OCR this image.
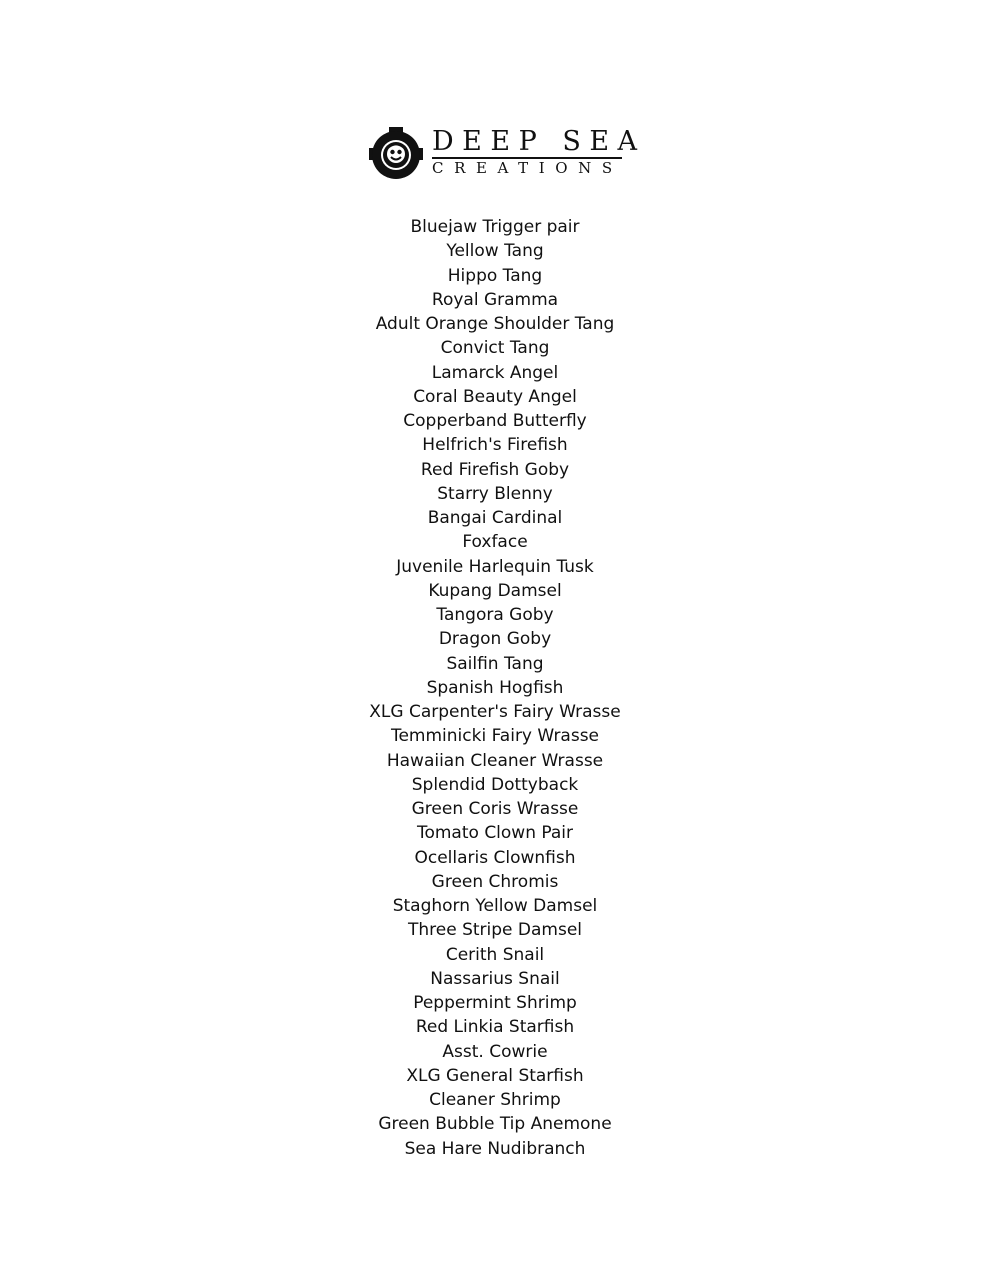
DEEP SEA
CREATIONS
Bluejaw Trigger pair
Yellow Tang
Hippo Tang
Royal Gramma
Adult Orange Shoulder Tang
Convict Tang
Lamarck Angel
Coral Beauty Angel
Copperband Butterfly
Helfrich's Firefish
Red Firefish Goby
Starry Blenny
Bangai Cardinal
Foxface
Juvenile Harlequin Tusk
Kupang Damsel
Tangora Goby
Dragon Goby
Sailfin Tang
Spanish Hogfish
XLG Carpenter's Fairy Wrasse
Temminicki Fairy Wrasse
Hawaiian Cleaner Wrasse
Splendid Dottyback
Green Coris Wrasse
Tomato Clown Pair
Ocellaris Clownfish
Green Chromis
Staghorn Yellow Damsel
Three Stripe Damsel
Cerith Snail
Nassarius Snail
Peppermint Shrimp
Red Linkia Starfish
Asst. Cowrie
XLG General Starfish
Cleaner Shrimp
Green Bubble Tip Anemone
Sea Hare Nudibranch
